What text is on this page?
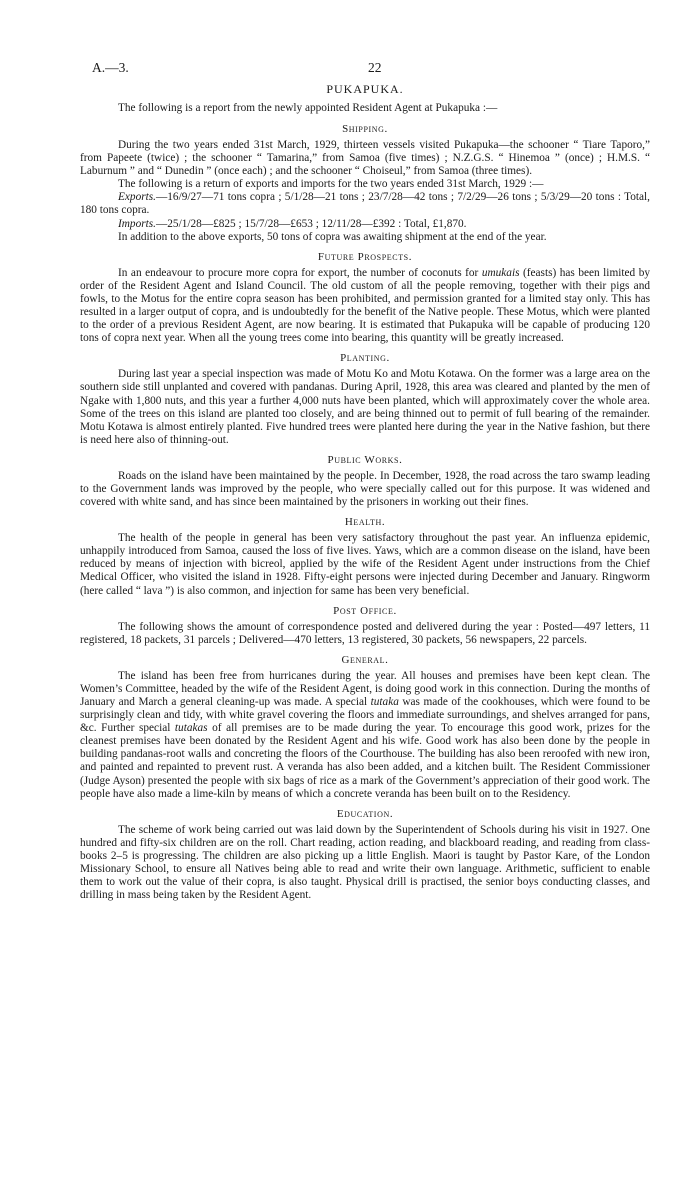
A.—3.	22
PUKAPUKA.
The following is a report from the newly appointed Resident Agent at Pukapuka :—
Shipping.

During the two years ended 31st March, 1929, thirteen vessels visited Pukapuka—the schooner “ Tiare Taporo,” from Papeete (twice) ; the schooner “ Tamarina,” from Samoa (five times) ; N.Z.G.S. “ Hinemoa ” (once) ; H.M.S. “ Laburnum ” and “ Dunedin ” (once each) ; and the schooner “ Choiseul,” from Samoa (three times).

The following is a return of exports and imports for the two years ended 31st March, 1929 :—

Exports.—16/9/27—71 tons copra ; 5/1/28—21 tons ; 23/7/28—42 tons ; 7/2/29—26 tons ; 5/3/29—20 tons : Total, 180 tons copra.

Imports.—25/1/28—£825 ; 15/7/28—£653 ; 12/11/28—£392 : Total, £1,870.

In addition to the above exports, 50 tons of copra was awaiting shipment at the end of the year.

Future Prospects.

In an endeavour to procure more copra for export, the number of coconuts for umukais (feasts) has been limited by order of the Resident Agent and Island Council. The old custom of all the people removing, together with their pigs and fowls, to the Motus for the entire copra season has been prohibited, and permission granted for a limited stay only. This has resulted in a larger output of copra, and is undoubtedly for the benefit of the Native people. These Motus, which were planted to the order of a previous Resident Agent, are now bearing. It is estimated that Pukapuka will be capable of producing 120 tons of copra next year. When all the young trees come into bearing, this quantity will be greatly increased.

Planting.

During last year a special inspection was made of Motu Ko and Motu Kotawa. On the former was a large area on the southern side still unplanted and covered with pandanas. During April, 1928, this area was cleared and planted by the men of Ngake with 1,800 nuts, and this year a further 4,000 nuts have been planted, which will approximately cover the whole area. Some of the trees on this island are planted too closely, and are being thinned out to permit of full bearing of the remainder. Motu Kotawa is almost entirely planted. Five hundred trees were planted here during the year in the Native fashion, but there is need here also of thinning-out.

Public Works.

Roads on the island have been maintained by the people. In December, 1928, the road across the taro swamp leading to the Government lands was improved by the people, who were specially called out for this purpose. It was widened and covered with white sand, and has since been maintained by the prisoners in working out their fines.

Health.

The health of the people in general has been very satisfactory throughout the past year. An influenza epidemic, unhappily introduced from Samoa, caused the loss of five lives. Yaws, which are a common disease on the island, have been reduced by means of injection with bicreol, applied by the wife of the Resident Agent under instructions from the Chief Medical Officer, who visited the island in 1928. Fifty-eight persons were injected during December and January. Ringworm (here called “ lava ”) is also common, and injection for same has been very beneficial.

Post Office.

The following shows the amount of correspondence posted and delivered during the year : Posted—497 letters, 11 registered, 18 packets, 31 parcels ; Delivered—470 letters, 13 registered, 30 packets, 56 newspapers, 22 parcels.

General.

The island has been free from hurricanes during the year. All houses and premises have been kept clean. The Women’s Committee, headed by the wife of the Resident Agent, is doing good work in this connection. During the months of January and March a general cleaning-up was made. A special tutaka was made of the cookhouses, which were found to be surprisingly clean and tidy, with white gravel covering the floors and immediate surroundings, and shelves arranged for pans, &c. Further special tutakas of all premises are to be made during the year. To encourage this good work, prizes for the cleanest premises have been donated by the Resident Agent and his wife. Good work has also been done by the people in building pandanas-root walls and concreting the floors of the Courthouse. The building has also been reroofed with new iron, and painted and repainted to prevent rust. A veranda has also been added, and a kitchen built. The Resident Commissioner (Judge Ayson) presented the people with six bags of rice as a mark of the Government’s appreciation of their good work. The people have also made a lime-kiln by means of which a concrete veranda has been built on to the Residency.

Education.

The scheme of work being carried out was laid down by the Superintendent of Schools during his visit in 1927. One hundred and fifty-six children are on the roll. Chart reading, action reading, and blackboard reading, and reading from class-books 2–5 is progressing. The children are also picking up a little English. Maori is taught by Pastor Kare, of the London Missionary School, to ensure all Natives being able to read and write their own language. Arithmetic, sufficient to enable them to work out the value of their copra, is also taught. Physical drill is practised, the senior boys conducting classes, and drilling in mass being taken by the Resident Agent.
